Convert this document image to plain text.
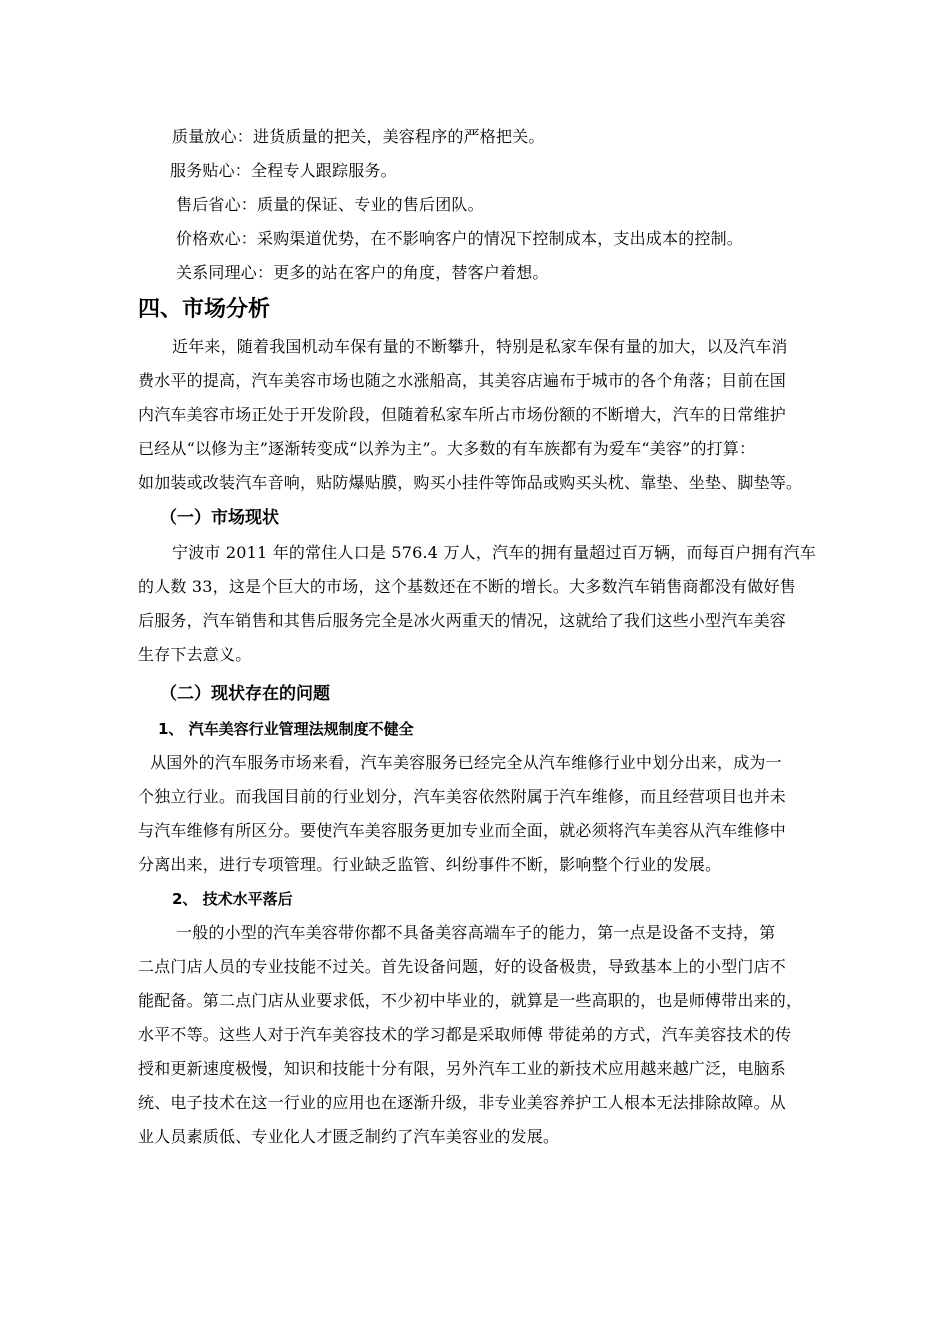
质量放心：进货质量的把关，美容程序的严格把关。
服务贴心：全程专人跟踪服务。
售后省心：质量的保证、专业的售后团队。
价格欢心：采购渠道优势，在不影响客户的情况下控制成本，支出成本的控制。
关系同理心：更多的站在客户的角度，替客户着想。
四、市场分析
近年来，随着我国机动车保有量的不断攀升，特别是私家车保有量的加大，以及汽车消
费水平的提高，汽车美容市场也随之水涨船高，其美容店遍布于城市的各个角落；目前在国
内汽车美容市场正处于开发阶段，但随着私家车所占市场份额的不断增大，汽车的日常维护
已经从“以修为主”逐渐转变成“以养为主”。大多数的有车族都有为爱车“美容”的打算：
如加装或改装汽车音响，贴防爆贴膜，购买小挂件等饰品或购买头枕、靠垫、坐垫、脚垫等。
（一）市场现状
宁波市 2011 年的常住人口是 576.4 万人，汽车的拥有量超过百万辆，而每百户拥有汽车
的人数 33，这是个巨大的市场，这个基数还在不断的增长。大多数汽车销售商都没有做好售
后服务，汽车销售和其售后服务完全是冰火两重天的情况，这就给了我们这些小型汽车美容
生存下去意义。
（二）现状存在的问题
1、 汽车美容行业管理法规制度不健全
从国外的汽车服务市场来看，汽车美容服务已经完全从汽车维修行业中划分出来，成为一
个独立行业。而我国目前的行业划分，汽车美容依然附属于汽车维修，而且经营项目也并未
与汽车维修有所区分。要使汽车美容服务更加专业而全面，就必须将汽车美容从汽车维修中
分离出来，进行专项管理。行业缺乏监管、纠纷事件不断，影响整个行业的发展。
2、 技术水平落后
一般的小型的汽车美容带你都不具备美容高端车子的能力，第一点是设备不支持，第
二点门店人员的专业技能不过关。首先设备问题，好的设备极贵，导致基本上的小型门店不
能配备。第二点门店从业要求低，不少初中毕业的，就算是一些高职的，也是师傅带出来的，
水平不等。这些人对于汽车美容技术的学习都是采取师傅 带徒弟的方式，汽车美容技术的传
授和更新速度极慢，知识和技能十分有限，另外汽车工业的新技术应用越来越广泛，电脑系
统、电子技术在这一行业的应用也在逐渐升级，非专业美容养护工人根本无法排除故障。从
业人员素质低、专业化人才匮乏制约了汽车美容业的发展。
